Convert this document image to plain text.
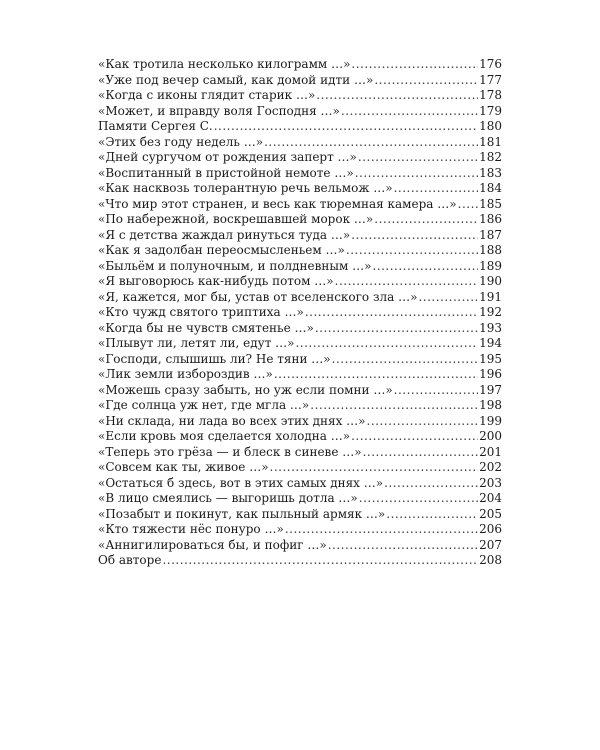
«Как тротила несколько килограмм …» .....	176
«Уже под вечер самый, как домой идти …» .....	177
«Когда с иконы глядит старик …» .....	178
«Может, и вправду воля Господня …» .....	179
Памяти Сергея С. .....	180
«Этих без году недель …» .....	181
«Дней сургучом от рождения заперт …» .....	182
«Воспитанный в пристойной немоте …» .....	183
«Как насквозь толерантную речь вельмож …» .....	184
«Что мир этот странен, и весь как тюремная камера …» ..... 185
«По набережной, воскрешавшей морок …» .....	186
«Я с детства жаждал ринуться туда …» .....	187
«Как я задолбан переосмысленьем …» .....	188
«Быльём и полуночным, и полдневным …» .....	189
«Я выговорюсь как-нибудь потом …» .....	190
«Я, кажется, мог бы, устав от вселенского зла …» .....	191
«Кто чужд святого триптиха …» .....	192
«Когда бы не чувств смятенье …» .....	193
«Плывут ли, летят ли, едут …» .....	194
«Господи, слышишь ли? Не тяни …» .....	195
«Лик земли избороздив …» .....	196
«Можешь сразу забыть, но уж если помни …» .....	197
«Где солнца уж нет, где мгла …» .....	198
«Ни склада, ни лада во всех этих днях …» .....	199
«Если кровь моя сделается холодна …» .....	200
«Теперь это грёза — и блеск в синеве …» .....	201
«Совсем как ты, живое …» .....	202
«Остаться б здесь, вот в этих самых днях …» .....	203
«В лицо смеялись — выгоришь дотла …» .....	204
«Позабыт и покинут, как пыльный армяк …» .....	205
«Кто тяжести нёс понуро …» .....	206
«Аннигилироваться бы, и пофиг …» .....	207
Об авторе .....	208
